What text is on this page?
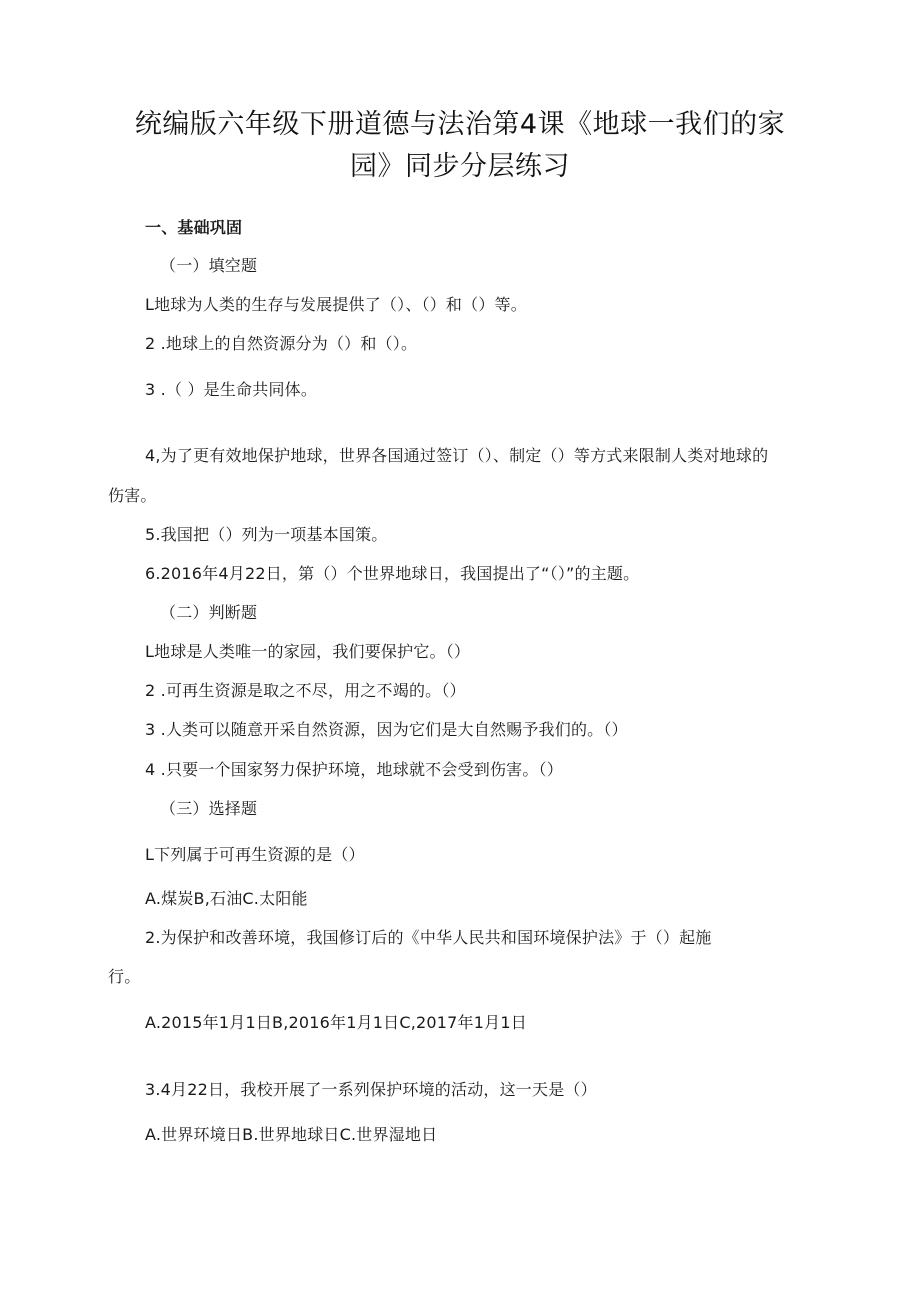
统编版六年级下册道德与法治第4课《地球一我们的家
园》同步分层练习
一、基础巩固
（一）填空题
L地球为人类的生存与发展提供了（）、（）和（）等。
2 .地球上的自然资源分为（）和（）。
3 .（ ）是生命共同体。
4,为了更有效地保护地球，世界各国通过签订（）、制定（）等方式来限制人类对地球的
伤害。
5.我国把（）列为一项基本国策。
6.2016年4月22日，第（）个世界地球日，我国提出了“（）”的主题。
（二）判断题
L地球是人类唯一的家园，我们要保护它。（）
2 .可再生资源是取之不尽，用之不竭的。（）
3 .人类可以随意开采自然资源，因为它们是大自然赐予我们的。（）
4 .只要一个国家努力保护环境，地球就不会受到伤害。（）
（三）选择题
L下列属于可再生资源的是（）
A.煤炭B,石油C.太阳能
2.为保护和改善环境，我国修订后的《中华人民共和国环境保护法》于（）起施
行。
A.2015年1月1日B,2016年1月1日C,2017年1月1日
3.4月22日，我校开展了一系列保护环境的活动，这一天是（）
A.世界环境日B.世界地球日C.世界湿地日
